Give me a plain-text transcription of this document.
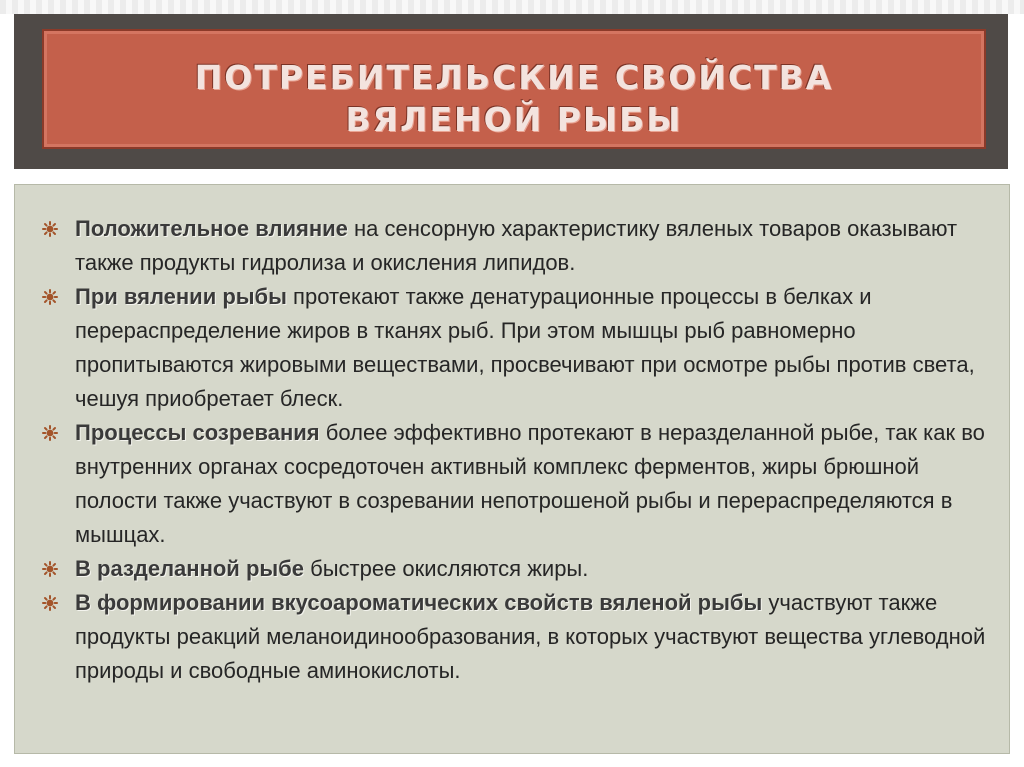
ПОТРЕБИТЕЛЬСКИЕ СВОЙСТВА
ВЯЛЕНОЙ РЫБЫ
Положительное влияние на сенсорную характеристику вяленых товаров оказывают также продукты гидролиза и окисления липидов.
При вялении рыбы протекают также денатурационные процессы в белках и перераспределение жиров в тканях рыб. При этом мышцы рыб равномерно пропитываются жировыми веществами, просвечивают при осмотре рыбы против света, чешуя приобретает блеск.
Процессы созревания более эффективно протекают в неразделанной рыбе, так как во внутренних органах сосредоточен активный комплекс ферментов, жиры брюшной полости также участвуют в созревании непотрошеной рыбы и перераспределяются в мышцах.
В разделанной рыбе быстрее окисляются жиры.
В формировании вкусоароматических свойств вяленой рыбы участвуют также продукты реакций меланоидинообразования, в которых участвуют вещества углеводной природы и свободные аминокислоты.
